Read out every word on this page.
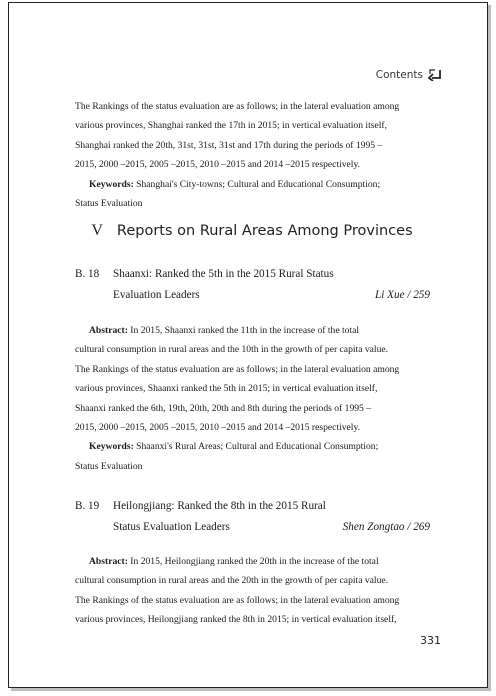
Contents
The Rankings of the status evaluation are as follows; in the lateral evaluation among
various provinces, Shanghai ranked the 17th in 2015; in vertical evaluation itself,
Shanghai ranked the 20th, 31st, 31st, 31st and 17th during the periods of 1995 –
2015, 2000 –2015, 2005 –2015, 2010 –2015 and 2014 –2015 respectively.
Keywords: Shanghai's City-towns; Cultural and Educational Consumption;
Status Evaluation
V Reports on Rural Areas Among Provinces
B. 18	Shaanxi: Ranked the 5th in the 2015 Rural Status
Evaluation Leaders	Li Xue / 259
Abstract: In 2015, Shaanxi ranked the 11th in the increase of the total
cultural consumption in rural areas and the 10th in the growth of per capita value.
The Rankings of the status evaluation are as follows; in the lateral evaluation among
various provinces, Shaanxi ranked the 5th in 2015; in vertical evaluation itself,
Shaanxi ranked the 6th, 19th, 20th, 20th and 8th during the periods of 1995 –
2015, 2000 –2015, 2005 –2015, 2010 –2015 and 2014 –2015 respectively.
Keywords: Shaanxi's Rural Areas; Cultural and Educational Consumption;
Status Evaluation
B. 19	Heilongjiang: Ranked the 8th in the 2015 Rural
Status Evaluation Leaders	Shen Zongtao / 269
Abstract: In 2015, Heilongjiang ranked the 20th in the increase of the total
cultural consumption in rural areas and the 20th in the growth of per capita value.
The Rankings of the status evaluation are as follows; in the lateral evaluation among
various provinces, Heilongjiang ranked the 8th in 2015; in vertical evaluation itself,
331
